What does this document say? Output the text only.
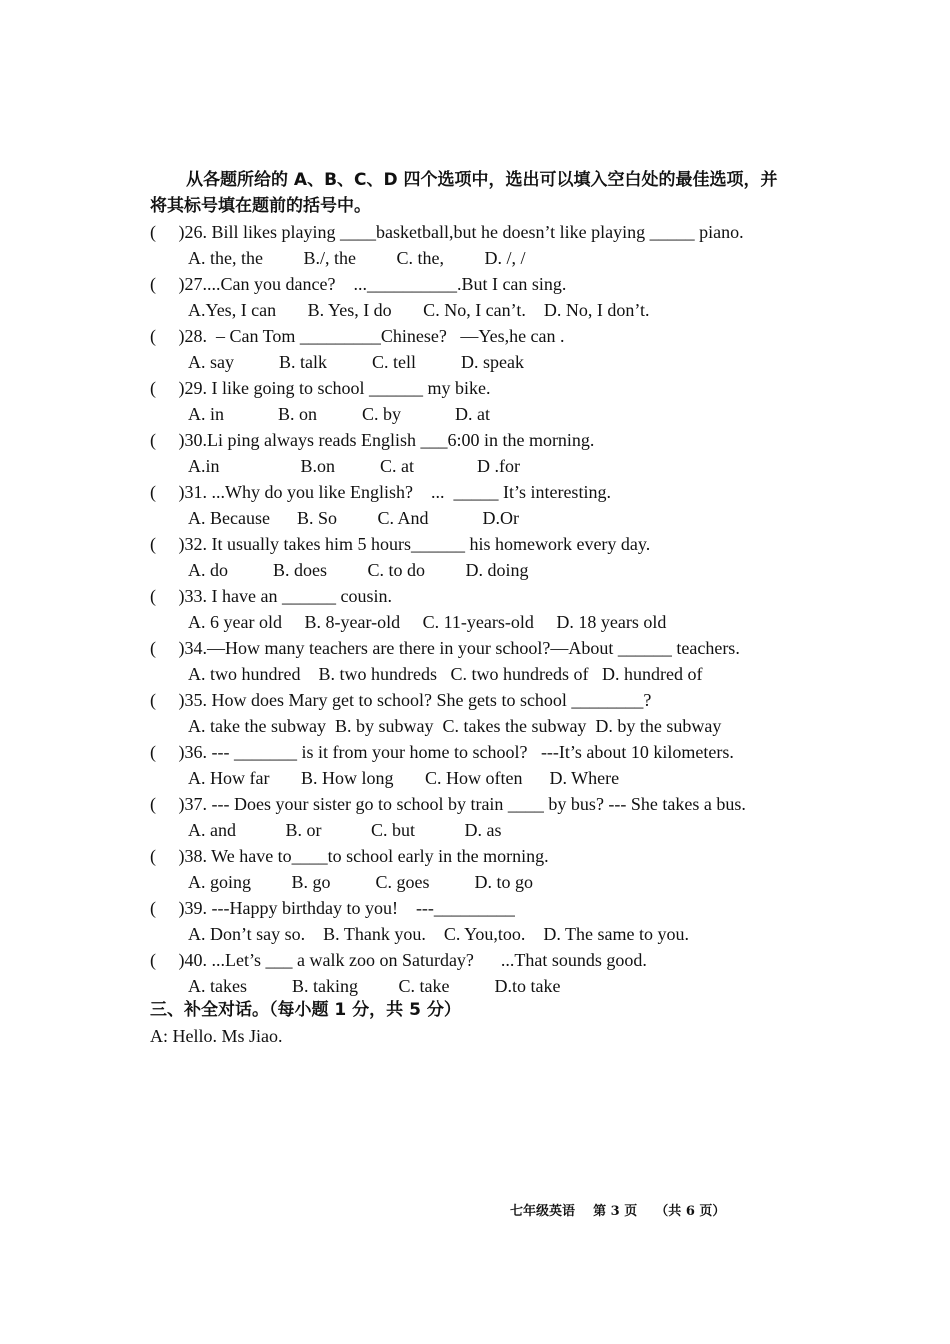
从各题所给的 A、B、C、D 四个选项中，选出可以填入空白处的最佳选项，并
将其标号填在题前的括号中。
(     )26. Bill likes playing ____basketball,but he doesn’t like playing _____ piano.
A. the, the         B./, the         C. the,         D. /, /
(     )27....Can you dance?    ...__________.But I can sing.
A.Yes, I can       B. Yes, I do       C. No, I can’t.    D. No, I don’t.
(     )28.  – Can Tom _________Chinese?   —Yes,he can .
A. say          B. talk          C. tell          D. speak
(     )29. I like going to school ______ my bike.
A. in            B. on          C. by            D. at
(     )30.Li ping always reads English ___6:00 in the morning.
A.in                  B.on          C. at              D .for
(     )31. ...Why do you like English?    ...  _____ It’s interesting.
A. Because      B. So         C. And            D.Or
(     )32. It usually takes him 5 hours______ his homework every day.
A. do          B. does         C. to do         D. doing
(     )33. I have an ______ cousin.
A. 6 year old     B. 8-year-old     C. 11-years-old     D. 18 years old
(     )34.—How many teachers are there in your school?—About ______ teachers.
A. two hundred    B. two hundreds   C. two hundreds of   D. hundred of
(     )35. How does Mary get to school? She gets to school ________?
A. take the subway  B. by subway  C. takes the subway  D. by the subway
(     )36. --- _______ is it from your home to school?   ---It’s about 10 kilometers.
A. How far       B. How long       C. How often      D. Where
(     )37. --- Does your sister go to school by train ____ by bus? --- She takes a bus.
A. and           B. or           C. but           D. as
(     )38. We have to____to school early in the morning.
A. going         B. go          C. goes          D. to go
(     )39. ---Happy birthday to you!    ---_________
A. Don’t say so.    B. Thank you.    C. You,too.    D. The same to you.
(     )40. ...Let’s ___ a walk zoo on Saturday?      ...That sounds good.
A. takes          B. taking         C. take          D.to take
三、补全对话。（每小题 1 分，共 5 分）
A: Hello. Ms Jiao.
七年级英语    第 3 页    （共 6 页）
